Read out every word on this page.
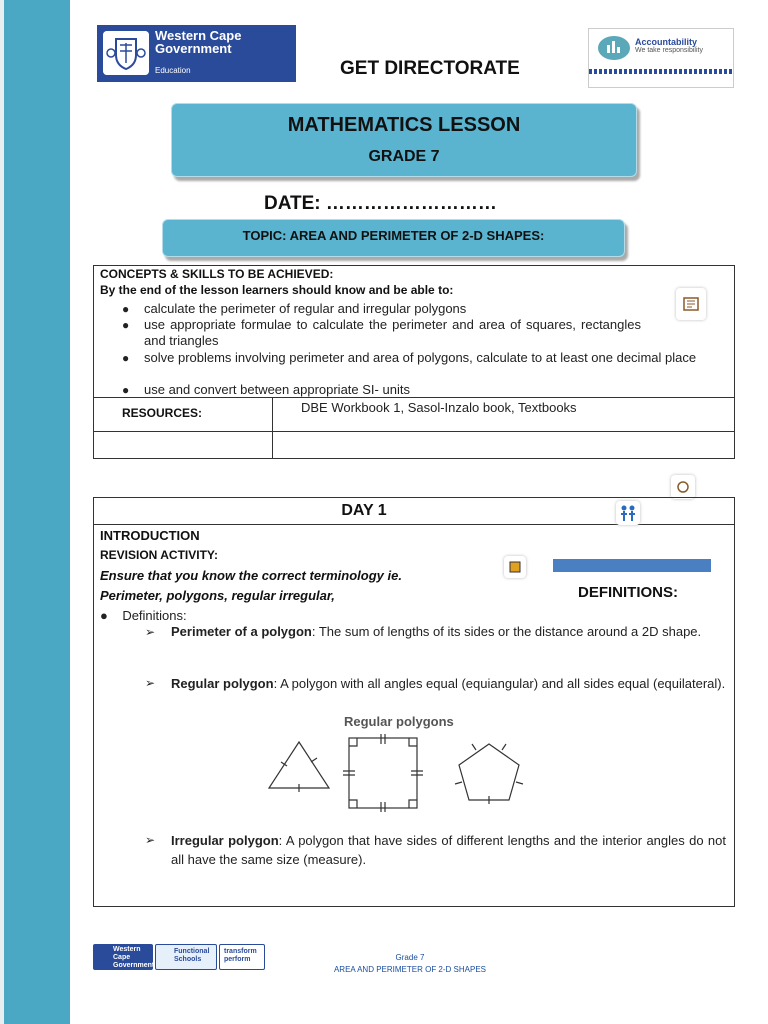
Western Cape Government
Education	GET DIRECTORATE
Accountability
We take responsibility
MATHEMATICS LESSON
GRADE 7
DATE: ………………………
TOPIC: AREA AND PERIMETER OF 2-D SHAPES:
CONCEPTS & SKILLS TO BE ACHIEVED:
By the end of the lesson learners should know and be able to:
● calculate the perimeter of regular and irregular polygons
● use appropriate formulae to calculate the perimeter and area of squares, rectangles and triangles
● solve problems involving perimeter and area of polygons, calculate to at least one decimal place
● use and convert between appropriate SI- units
RESOURCES:	DBE Workbook 1, Sasol-Inzalo book, Textbooks
DAY 1
INTRODUCTION
REVISION ACTIVITY:
Ensure that you know the correct terminology ie.
Perimeter, polygons, regular irregular,	DEFINITIONS:
●    Definitions:
➢ Perimeter of a polygon: The sum of lengths of its sides or the distance around a 2D shape.
➢ Regular polygon: A polygon with all angles equal (equiangular) and all sides equal (equilateral).
Regular polygons
➢ Irregular polygon: A polygon that have sides of different lengths and the interior angles do not all have the same size (measure).
Western Cape Government
Functional Schools
transform perform	Grade 7
AREA AND PERIMETER OF 2-D SHAPES
